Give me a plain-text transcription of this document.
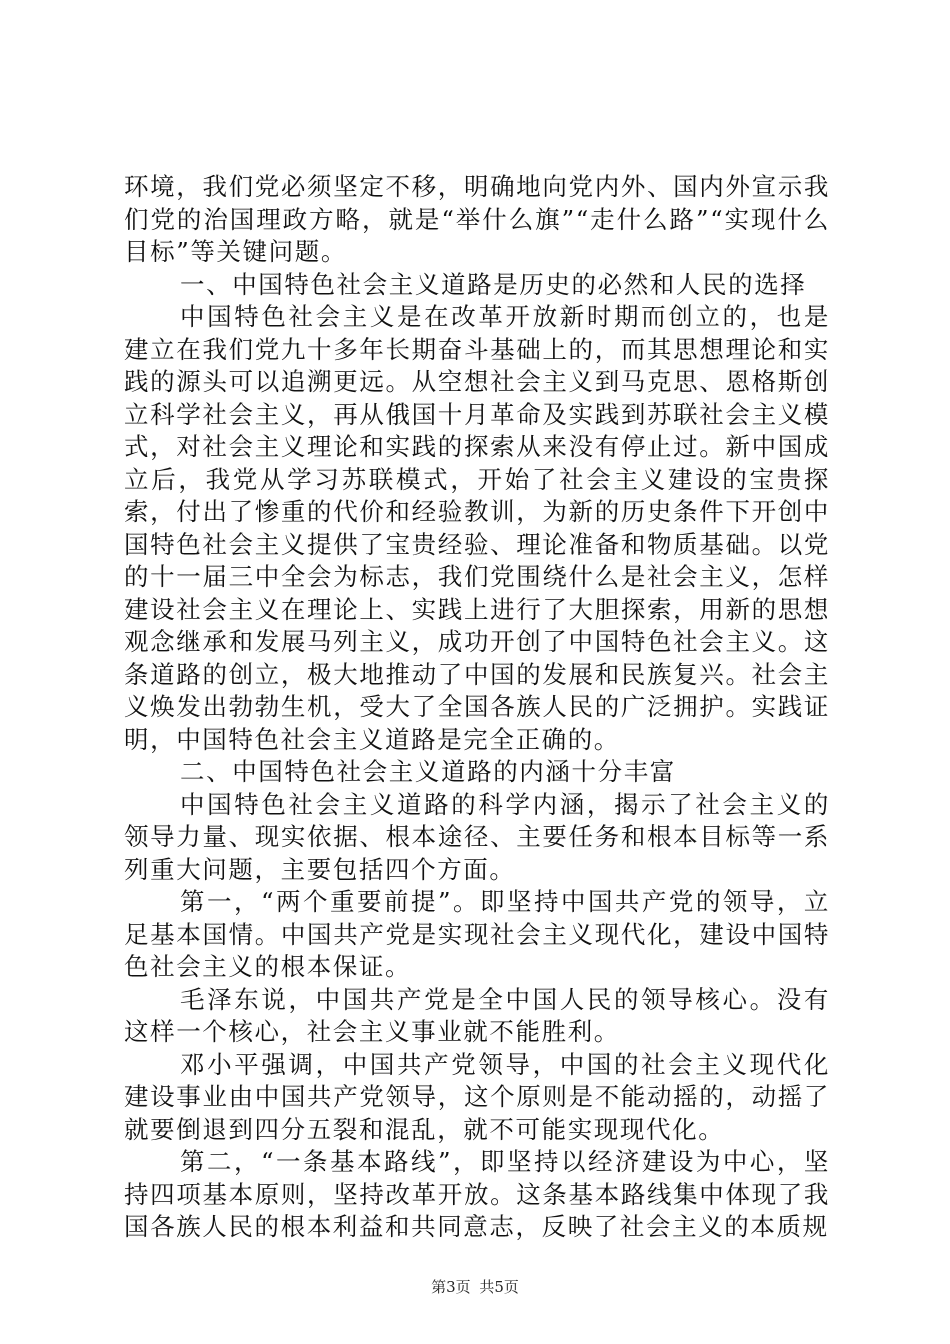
环境，我们党必须坚定不移，明确地向党内外、国内外宣示我们党的治国理政方略，就是“举什么旗”“走什么路”“实现什么目标”等关键问题。

一、中国特色社会主义道路是历史的必然和人民的选择

中国特色社会主义是在改革开放新时期而创立的，也是建立在我们党九十多年长期奋斗基础上的，而其思想理论和实践的源头可以追溯更远。从空想社会主义到马克思、恩格斯创立科学社会主义，再从俄国十月革命及实践到苏联社会主义模式，对社会主义理论和实践的探索从来没有停止过。新中国成立后，我党从学习苏联模式，开始了社会主义建设的宝贵探索，付出了惨重的代价和经验教训，为新的历史条件下开创中国特色社会主义提供了宝贵经验、理论准备和物质基础。以党的十一届三中全会为标志，我们党围绕什么是社会主义，怎样建设社会主义在理论上、实践上进行了大胆探索，用新的思想观念继承和发展马列主义，成功开创了中国特色社会主义。这条道路的创立，极大地推动了中国的发展和民族复兴。社会主义焕发出勃勃生机，受大了全国各族人民的广泛拥护。实践证明，中国特色社会主义道路是完全正确的。

二、中国特色社会主义道路的内涵十分丰富

中国特色社会主义道路的科学内涵，揭示了社会主义的领导力量、现实依据、根本途径、主要任务和根本目标等一系列重大问题，主要包括四个方面。

第一，“两个重要前提”。即坚持中国共产党的领导，立足基本国情。中国共产党是实现社会主义现代化，建设中国特色社会主义的根本保证。

毛泽东说，中国共产党是全中国人民的领导核心。没有这样一个核心，社会主义事业就不能胜利。

邓小平强调，中国共产党领导，中国的社会主义现代化建设事业由中国共产党领导，这个原则是不能动摇的，动摇了就要倒退到四分五裂和混乱，就不可能实现现代化。

第二，“一条基本路线”，即坚持以经济建设为中心，坚持四项基本原则，坚持改革开放。这条基本路线集中体现了我国各族人民的根本利益和共同意志，反映了社会主义的本质规

第3页 共5页
